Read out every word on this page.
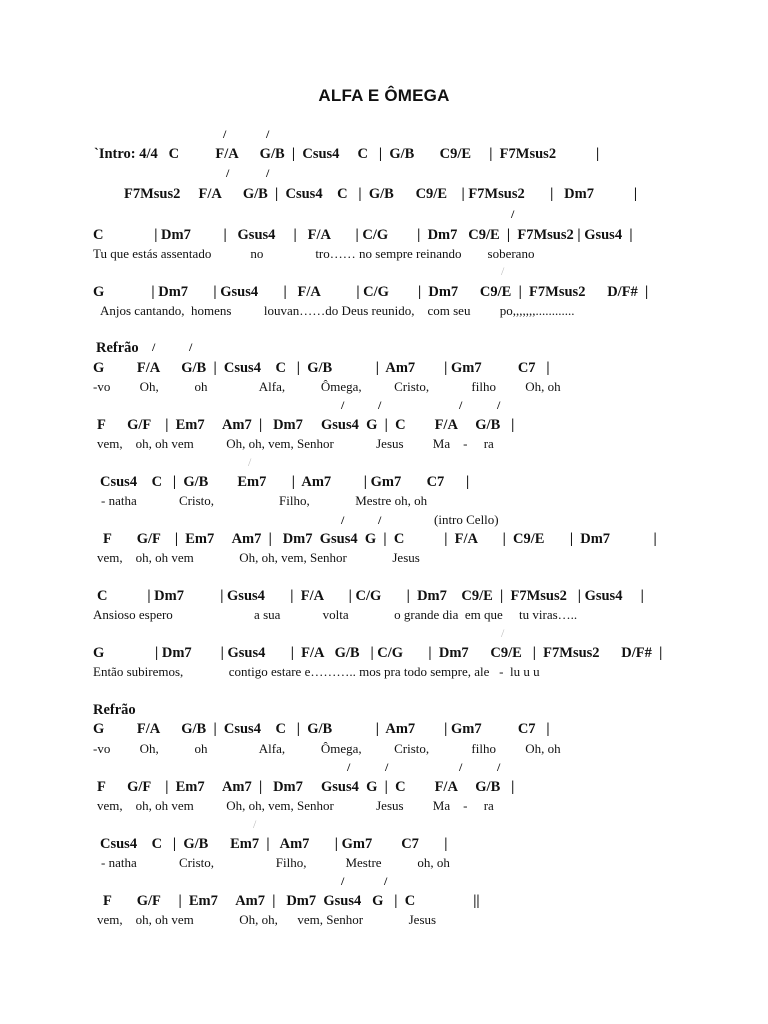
ALFA E ÔMEGA
/	/
`Intro: 4/4   C          F/A      G/B  |  Csus4     C   |  G/B       C9/E     |  F7Msus2           |
/	/
F7Msus2     F/A      G/B  |  Csus4    C   |  G/B      C9/E    | F7Msus2       |   Dm7           |
/
C              | Dm7         |   Gsus4     |   F/A       | C/G        |  Dm7   C9/E  |  F7Msus2 | Gsus4  |
Tu que estás assentado            no                tro…… no sempre reinando        soberano
/
G             | Dm7       | Gsus4       |   F/A          | C/G        |  Dm7      C9/E  |  F7Msus2      D/F#  |
Anjos cantando,  homens          louvan……do Deus reunido,    com seu         po,,,,,,,............
Refrão /	/
G         F/A      G/B  |  Csus4    C   |  G/B            |  Am7        | Gm7          C7   |
-vo         Oh,           oh                Alfa,           Ômega,          Cristo,             filho         Oh, oh
/	/	/	/
F      G/F    |  Em7     Am7  |   Dm7     Gsus4  G  |  C        F/A     G/B   |
vem,    oh, oh vem          Oh, oh, vem, Senhor             Jesus         Ma    -     ra
/
Csus4    C   |  G/B        Em7       |  Am7         | Gm7       C7      |
- natha             Cristo,                    Filho,              Mestre oh, oh
/	/	(intro Cello)
F       G/F    |  Em7     Am7  |   Dm7  Gsus4  G  |  C           |  F/A       |  C9/E       |  Dm7            |
vem,    oh, oh vem              Oh, oh, vem, Senhor              Jesus
C           | Dm7          | Gsus4       |  F/A       | C/G       |  Dm7    C9/E  |  F7Msus2   | Gsus4     |
Ansioso espero                         a sua             volta              o grande dia  em que     tu viras…..
/
G              | Dm7        | Gsus4       |  F/A   G/B   | C/G       |  Dm7      C9/E   |  F7Msus2      D/F#  |
Então subiremos,              contigo estare e……….. mos pra todo sempre, ale   -  lu u u
Refrão
G         F/A      G/B  |  Csus4    C   |  G/B            |  Am7        | Gm7          C7   |
-vo         Oh,           oh                Alfa,           Ômega,          Cristo,             filho         Oh, oh
/	/	/	/
F      G/F    |  Em7     Am7  |   Dm7     Gsus4  G  |  C        F/A     G/B   |
vem,    oh, oh vem          Oh, oh, vem, Senhor             Jesus         Ma    -     ra
/
Csus4    C   |  G/B      Em7  |   Am7       | Gm7        C7       |
- natha             Cristo,                   Filho,            Mestre           oh, oh
/	/
F       G/F     |  Em7     Am7  |   Dm7  Gsus4   G   |  C                ||
vem,    oh, oh vem              Oh, oh,      vem, Senhor              Jesus
